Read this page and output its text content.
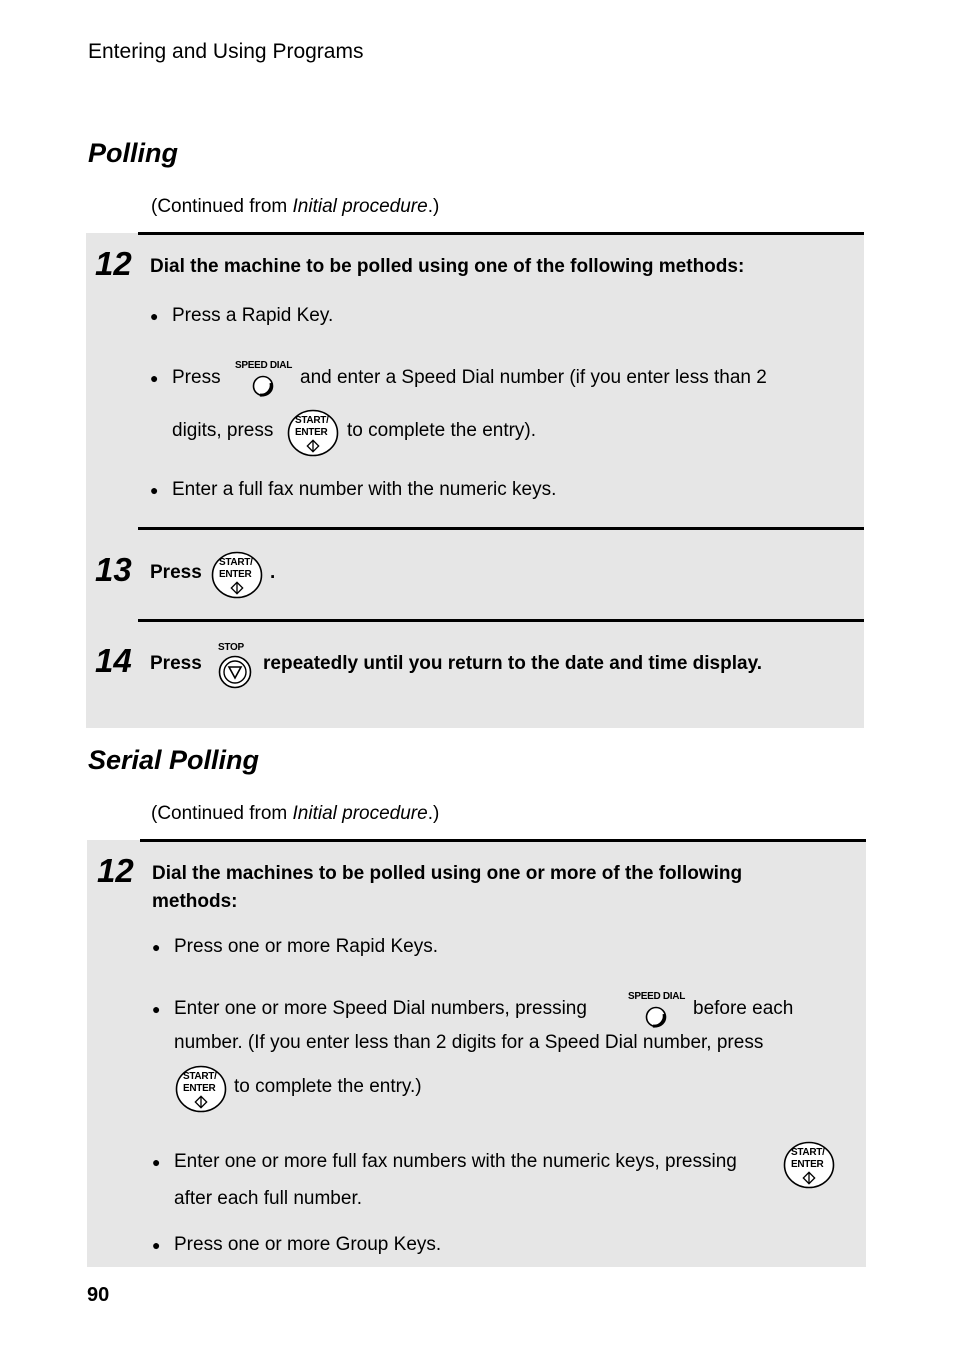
Entering and Using Programs
Polling
(Continued from Initial procedure.)
12 Dial the machine to be polled using one of the following methods:
● Press a Rapid Key.
● Press
SPEED DIAL
and enter a Speed Dial number (if you enter less than 2
digits, press START/
ENTER to complete the entry).
● Enter a full fax number with the numeric keys.
13 Press START/
ENTER .
14 Press
STOP
repeatedly until you return to the date and time display.
Serial Polling
(Continued from Initial procedure.)
12 Dial the machines to be polled using one or more of the following
methods:
● Press one or more Rapid Keys.
● Enter one or more Speed Dial numbers, pressing
SPEED DIAL
before each
number. (If you enter less than 2 digits for a Speed Dial number, press
START/
ENTER to complete the entry.)
● Enter one or more full fax numbers with the numeric keys, pressing	START/
ENTER
after each full number.
● Press one or more Group Keys.
90
